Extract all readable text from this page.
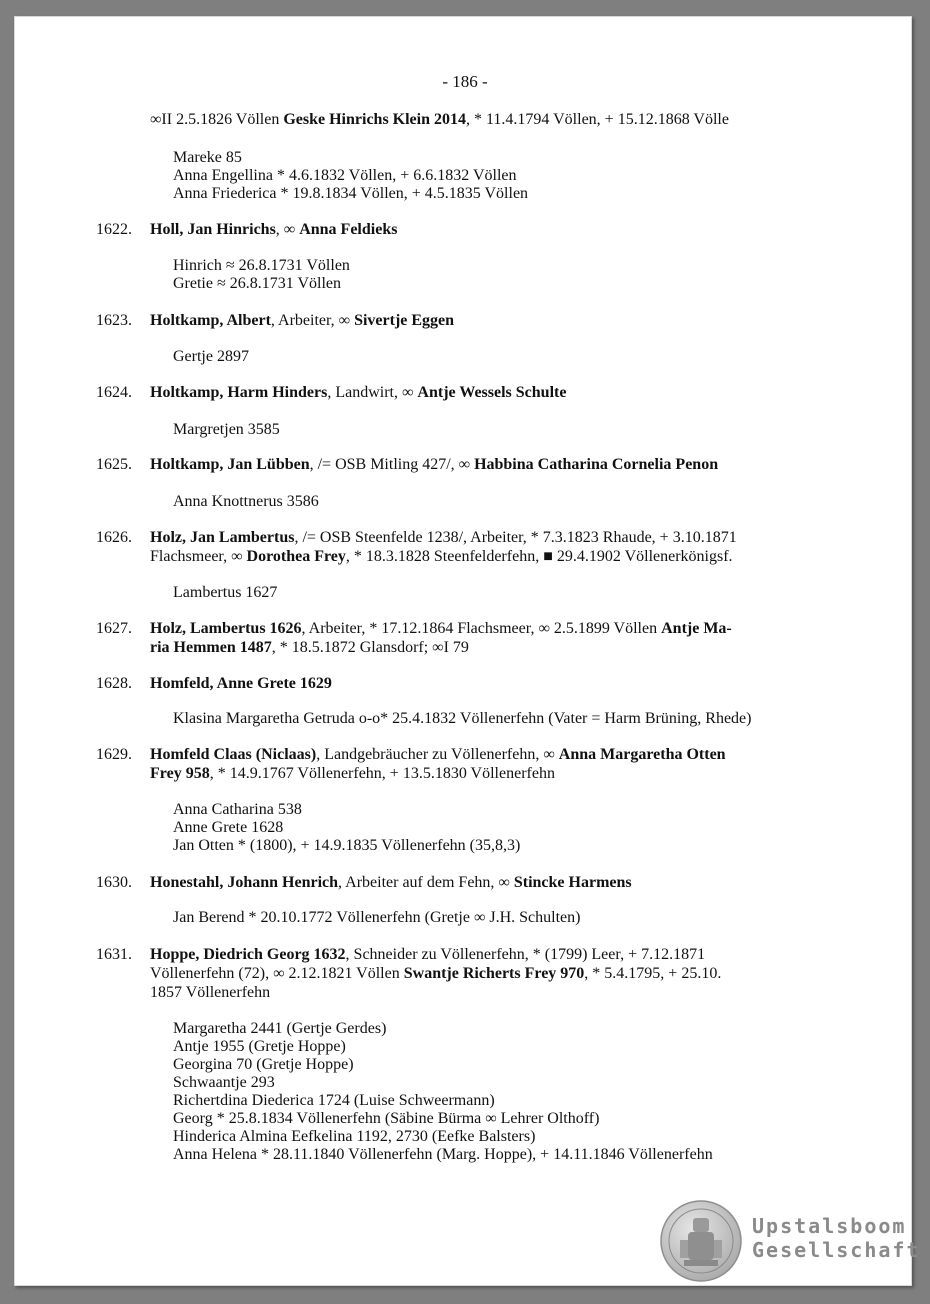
- 186 -
∞II 2.5.1826 Völlen Geske Hinrichs Klein 2014, * 11.4.1794 Völlen, + 15.12.1868 Völle
Mareke 85
Anna Engellina * 4.6.1832 Völlen, + 6.6.1832 Völlen
Anna Friederica * 19.8.1834 Völlen, + 4.5.1835 Völlen
1622. Holl, Jan Hinrichs, ∞ Anna Feldieks
Hinrich ≈ 26.8.1731 Völlen
Gretie ≈ 26.8.1731 Völlen
1623. Holtkamp, Albert, Arbeiter, ∞ Sivertje Eggen
Gertje 2897
1624. Holtkamp, Harm Hinders, Landwirt, ∞ Antje Wessels Schulte
Margretjen 3585
1625. Holtkamp, Jan Lübben, /= OSB Mitling 427/, ∞ Habbina Catharina Cornelia Penon
Anna Knottnerus 3586
1626. Holz, Jan Lambertus, /= OSB Steenfelde 1238/, Arbeiter, * 7.3.1823 Rhaude, + 3.10.1871
Flachsmeer, ∞ Dorothea Frey, * 18.3.1828 Steenfelderfehn, ■ 29.4.1902 Völlenerkönigsf.
Lambertus 1627
1627. Holz, Lambertus 1626, Arbeiter, * 17.12.1864 Flachsmeer, ∞ 2.5.1899 Völlen Antje Ma-
ria Hemmen 1487, * 18.5.1872 Glansdorf; ∞I 79
1628. Homfeld, Anne Grete 1629
Klasina Margaretha Getruda o-o* 25.4.1832 Völlenerfehn (Vater = Harm Brüning, Rhede)
1629. Homfeld Claas (Niclaas), Landgebräucher zu Völlenerfehn, ∞ Anna Margaretha Otten
Frey 958, * 14.9.1767 Völlenerfehn, + 13.5.1830 Völlenerfehn
Anna Catharina 538
Anne Grete 1628
Jan Otten * (1800), + 14.9.1835 Völlenerfehn (35,8,3)
1630. Honestahl, Johann Henrich, Arbeiter auf dem Fehn, ∞ Stincke Harmens
Jan Berend * 20.10.1772 Völlenerfehn (Gretje ∞ J.H. Schulten)
1631. Hoppe, Diedrich Georg 1632, Schneider zu Völlenerfehn, * (1799) Leer, + 7.12.1871
Völlenerfehn (72), ∞ 2.12.1821 Völlen Swantje Richerts Frey 970, * 5.4.1795, + 25.10.
1857 Völlenerfehn
Margaretha 2441 (Gertje Gerdes)
Antje 1955 (Gretje Hoppe)
Georgina 70 (Gretje Hoppe)
Schwaantje 293
Richertdina Diederica 1724 (Luise Schweermann)
Georg * 25.8.1834 Völlenerfehn (Säbine Bürma ∞ Lehrer Olthoff)
Hinderica Almina Eefkelina 1192, 2730 (Eefke Balsters)
Anna Helena * 28.11.1840 Völlenerfehn (Marg. Hoppe), + 14.11.1846 Völlenerfehn
Upstalsboom
Gesellschaft
